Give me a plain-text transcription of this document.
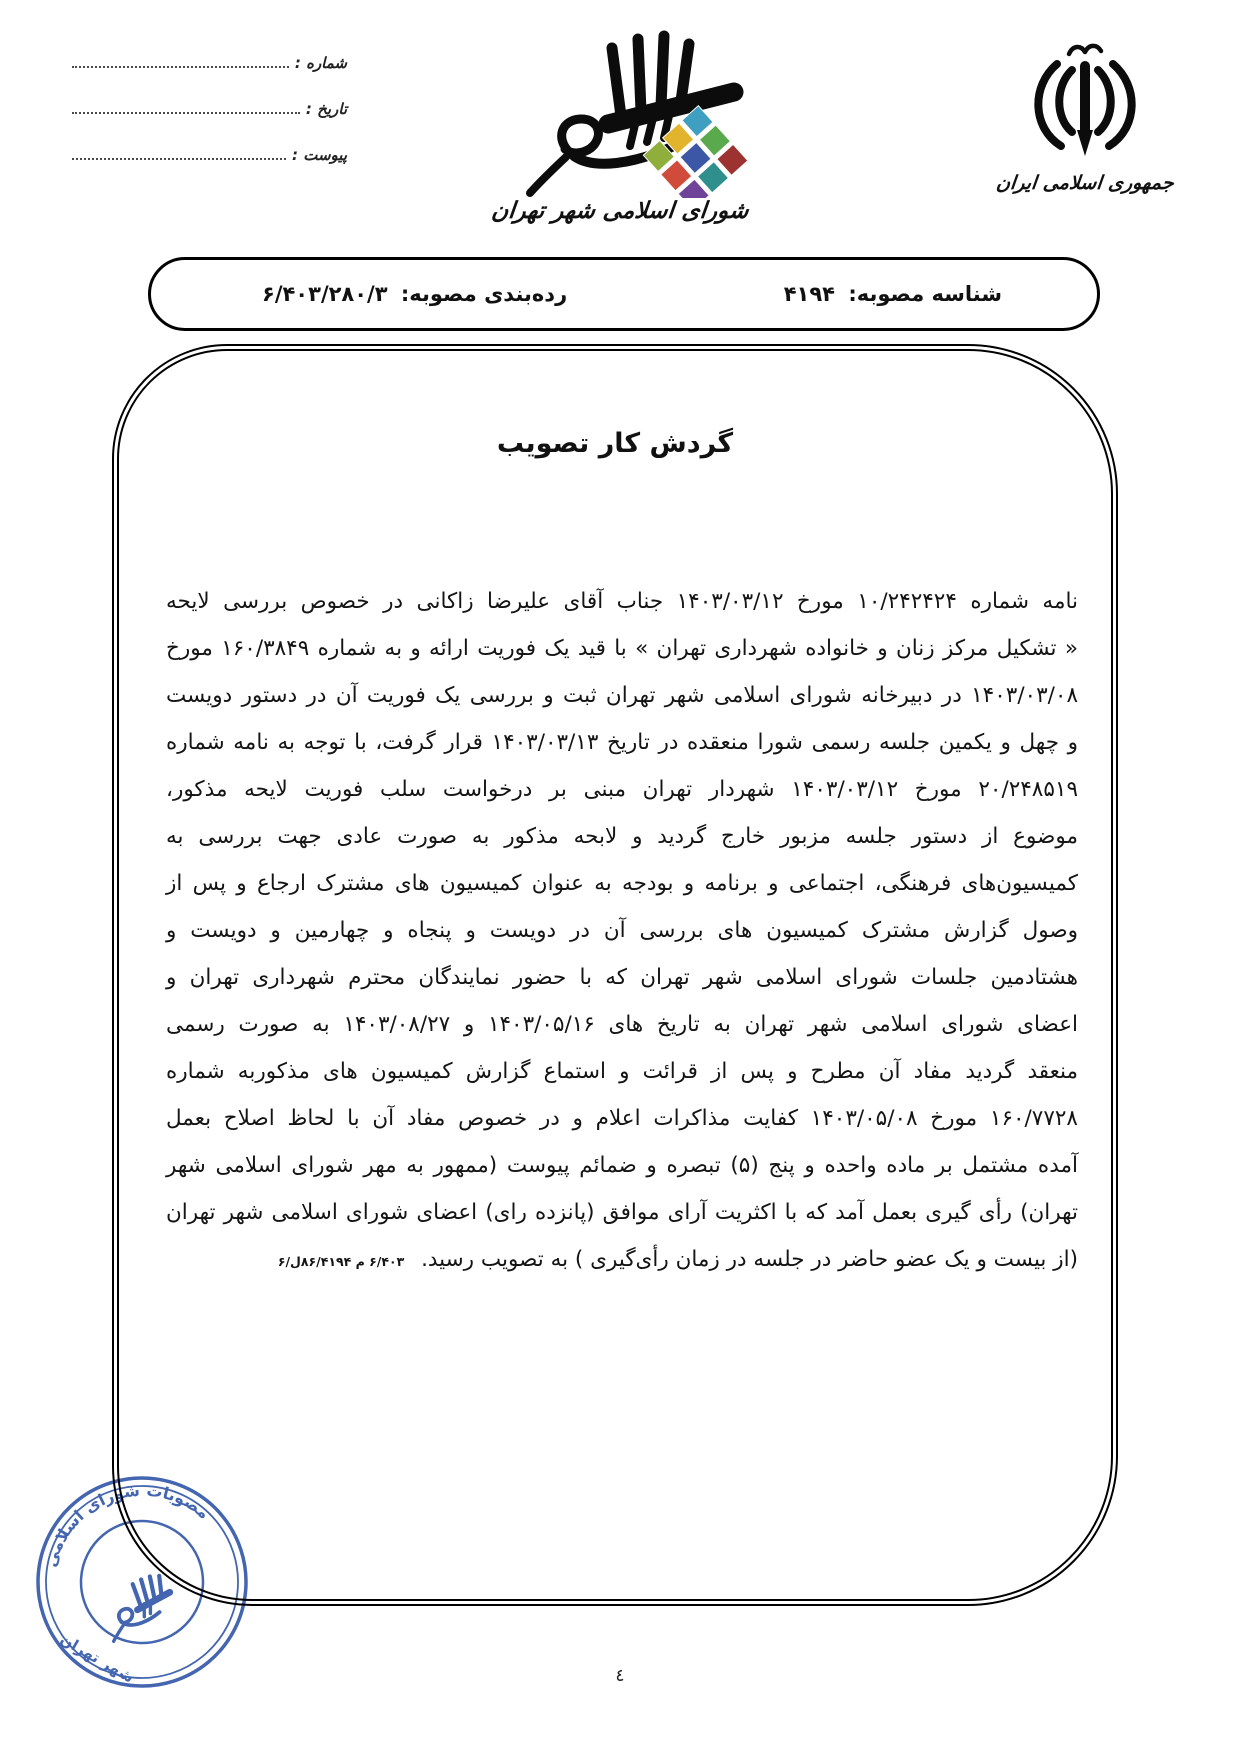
شماره :
تاریخ :
پیوست :
شورای اسلامی شهر تهران
جمهوری اسلامی ایران
شناسه مصوبه: ۴۱۹۴
رده‌بندی مصوبه: ۶/۴۰۳/۲۸۰/۳
مصوبات شورای اسلامی
شهر تهران
گردش کار تصویب
نامه شماره ۱۰/۲۴۲۴۲۴ مورخ ۱۴۰۳/۰۳/۱۲ جناب آقای علیرضا زاکانی در خصوص بررسی لایحه
« تشکیل مرکز زنان و خانواده شهرداری تهران » با قید یک فوریت ارائه و به شماره ۱۶۰/۳۸۴۹ مورخ
۱۴۰۳/۰۳/۰۸ در دبیرخانه شورای اسلامی شهر تهران ثبت و بررسی یک فوریت آن در دستور دویست
و چهل و یکمین جلسه رسمی شورا منعقده در تاریخ ۱۴۰۳/۰۳/۱۳ قرار گرفت، با توجه به نامه شماره
۲۰/۲۴۸۵۱۹ مورخ ۱۴۰۳/۰۳/۱۲ شهردار تهران مبنی بر درخواست سلب فوریت لایحه مذکور،
موضوع از دستور جلسه مزبور خارج گردید و لابحه مذکور به صورت عادی جهت بررسی به
کمیسیون‌های فرهنگی، اجتماعی و برنامه و بودجه به عنوان کمیسیون های مشترک ارجاع و پس از
وصول گزارش مشترک کمیسیون های بررسی آن در دویست و پنجاه و چهارمین و دویست و
هشتادمین جلسات شورای اسلامی شهر تهران که با حضور نمایندگان محترم شهرداری تهران و
اعضای شورای اسلامی شهر تهران به تاریخ های ۱۴۰۳/۰۵/۱۶ و ۱۴۰۳/۰۸/۲۷ به صورت رسمی
منعقد گردید مفاد آن مطرح و پس از قرائت و استماع گزارش کمیسیون های مذکوربه شماره
۱۶۰/۷۷۲۸ مورخ ۱۴۰۳/۰۵/۰۸ کفایت مذاکرات اعلام و در خصوص مفاد آن با لحاظ اصلاح بعمل
آمده مشتمل بر ماده واحده و پنج (۵) تبصره و ضمائم پیوست (ممهور به مهر شورای اسلامی شهر
تهران) رأی گیری بعمل آمد که با اکثریت آرای موافق (پانزده رای) اعضای شورای اسلامی شهر تهران
(از بیست و یک عضو حاضر در جلسه در زمان رأی‌گیری ) به تصویب رسید. ۶/۴۰۳ م ۸۶/۴۱۹۴ل/۶
٤
